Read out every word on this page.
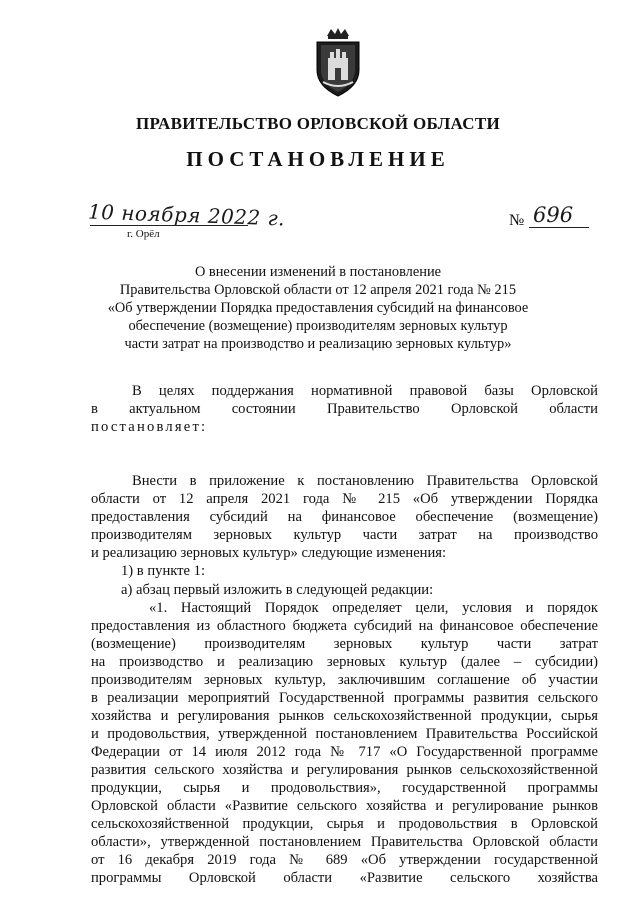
ПРАВИТЕЛЬСТВО ОРЛОВСКОЙ ОБЛАСТИ
ПОСТАНОВЛЕНИЕ
10 ноября 2022 г.
г. Орёл
№ 696
О внесении изменений в постановление
Правительства Орловской области от 12 апреля 2021 года № 215
«Об утверждении Порядка предоставления субсидий на финансовое
обеспечение (возмещение) производителям зерновых культур
части затрат на производство и реализацию зерновых культур»
В целях поддержания нормативной правовой базы Орловской
в актуальном состоянии Правительство Орловской области
постановляет:
Внести в приложение к постановлению Правительства Орловской
области от 12 апреля 2021 года № 215 «Об утверждении Порядка
предоставления субсидий на финансовое обеспечение (возмещение)
производителям зерновых культур части затрат на производство
и реализацию зерновых культур» следующие изменения:
1) в пункте 1:
а) абзац первый изложить в следующей редакции:
«1. Настоящий Порядок определяет цели, условия и порядок
предоставления из областного бюджета субсидий на финансовое обеспечение
(возмещение) производителям зерновых культур части затрат
на производство и реализацию зерновых культур (далее – субсидии)
производителям зерновых культур, заключившим соглашение об участии
в реализации мероприятий Государственной программы развития сельского
хозяйства и регулирования рынков сельскохозяйственной продукции, сырья
и продовольствия, утвержденной постановлением Правительства Российской
Федерации от 14 июля 2012 года № 717 «О Государственной программе
развития сельского хозяйства и регулирования рынков сельскохозяйственной
продукции, сырья и продовольствия», государственной программы
Орловской области «Развитие сельского хозяйства и регулирование рынков
сельскохозяйственной продукции, сырья и продовольствия в Орловской
области», утвержденной постановлением Правительства Орловской области
от 16 декабря 2019 года № 689 «Об утверждении государственной
программы Орловской области «Развитие сельского хозяйства
